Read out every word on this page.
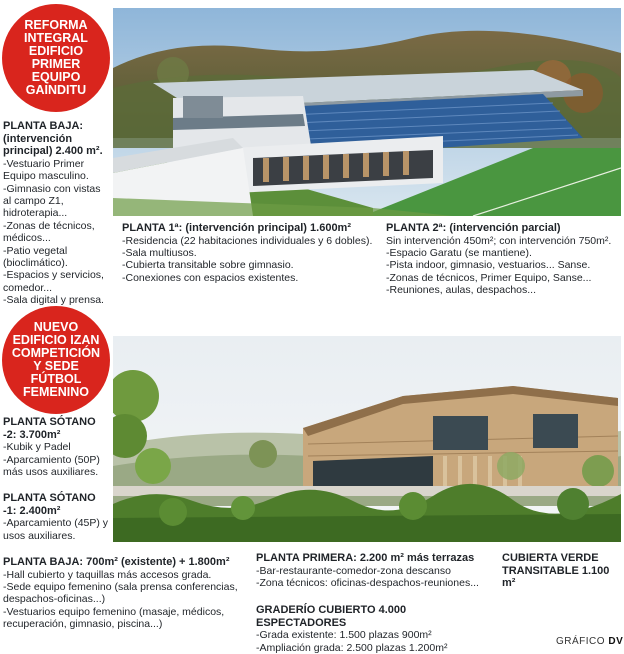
REFORMA INTEGRAL EDIFICIO PRIMER EQUIPO GAINDITU
PLANTA BAJA: (intervención principal) 2.400 m².
-Vestuario Primer Equipo masculino.
-Gimnasio con vistas al campo Z1, hidroterapia...
-Zonas de técnicos, médicos...
-Patio vegetal (bioclimático).
-Espacios y servicios, comedor...
-Sala digital y prensa.
PLANTA 1ª: (intervención principal) 1.600m²
-Residencia (22 habitaciones individuales y 6 dobles).
-Sala multiusos.
-Cubierta transitable sobre gimnasio.
-Conexiones con espacios existentes.
PLANTA 2ª: (intervención parcial)
Sin intervención 450m²; con intervención 750m².
-Espacio Garatu (se mantiene).
-Pista indoor, gimnasio, vestuarios... Sanse.
-Zonas de técnicos, Primer Equipo, Sanse...
-Reuniones, aulas, despachos...
NUEVO EDIFICIO IZAN COMPETICIÓN Y SEDE FÚTBOL FEMENINO
PLANTA SÓTANO -2: 3.700m²
-Kubik y Padel
-Aparcamiento (50P) más usos auxiliares.
PLANTA SÓTANO -1: 2.400m²
-Aparcamiento (45P) y usos auxiliares.
PLANTA BAJA: 700m² (existente) + 1.800m²
-Hall cubierto y taquillas más accesos grada.
-Sede equipo femenino (sala prensa conferencias, despachos-oficinas...)
-Vestuarios equipo femenino (masaje, médicos, recuperación, gimnasio, piscina...)
PLANTA PRIMERA: 2.200 m² más terrazas
-Bar-restaurante-comedor-zona descanso
-Zona técnicos: oficinas-despachos-reuniones...
GRADERÍO CUBIERTO 4.000 ESPECTADORES
-Grada existente: 1.500 plazas 900m²
-Ampliación grada: 2.500 plazas 1.200m²
CUBIERTA VERDE TRANSITABLE 1.100 m²
GRÁFICO DV
